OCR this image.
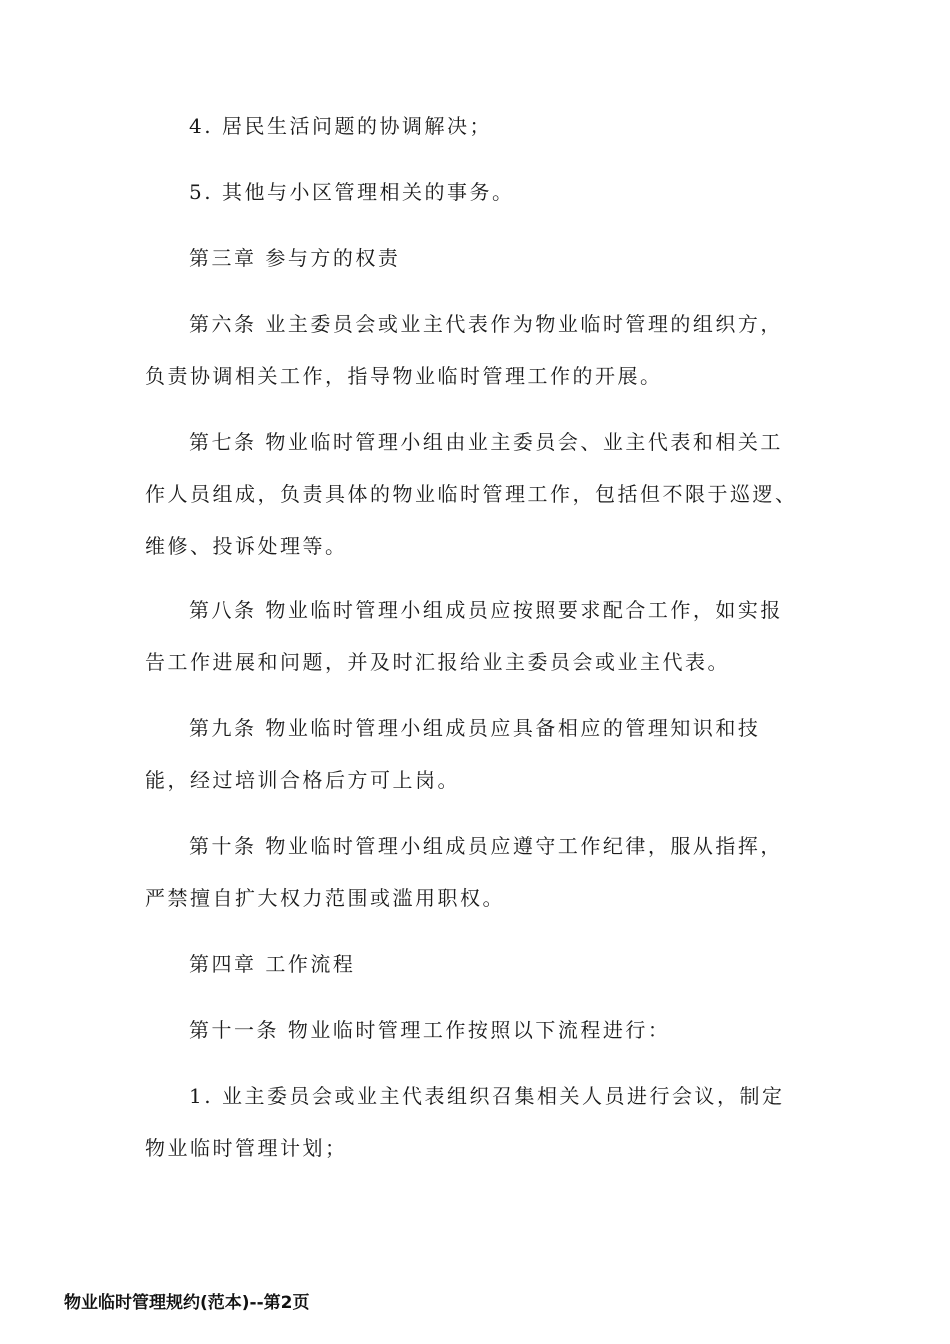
4. 居民生活问题的协调解决；

5. 其他与小区管理相关的事务。

第三章 参与方的权责

第六条 业主委员会或业主代表作为物业临时管理的组织方，负责协调相关工作，指导物业临时管理工作的开展。

第七条 物业临时管理小组由业主委员会、业主代表和相关工作人员组成，负责具体的物业临时管理工作，包括但不限于巡逻、维修、投诉处理等。

第八条 物业临时管理小组成员应按照要求配合工作，如实报告工作进展和问题，并及时汇报给业主委员会或业主代表。

第九条 物业临时管理小组成员应具备相应的管理知识和技能，经过培训合格后方可上岗。

第十条 物业临时管理小组成员应遵守工作纪律，服从指挥，严禁擅自扩大权力范围或滥用职权。

第四章 工作流程

第十一条 物业临时管理工作按照以下流程进行：

1. 业主委员会或业主代表组织召集相关人员进行会议，制定物业临时管理计划；

物业临时管理规约(范本)--第2页
